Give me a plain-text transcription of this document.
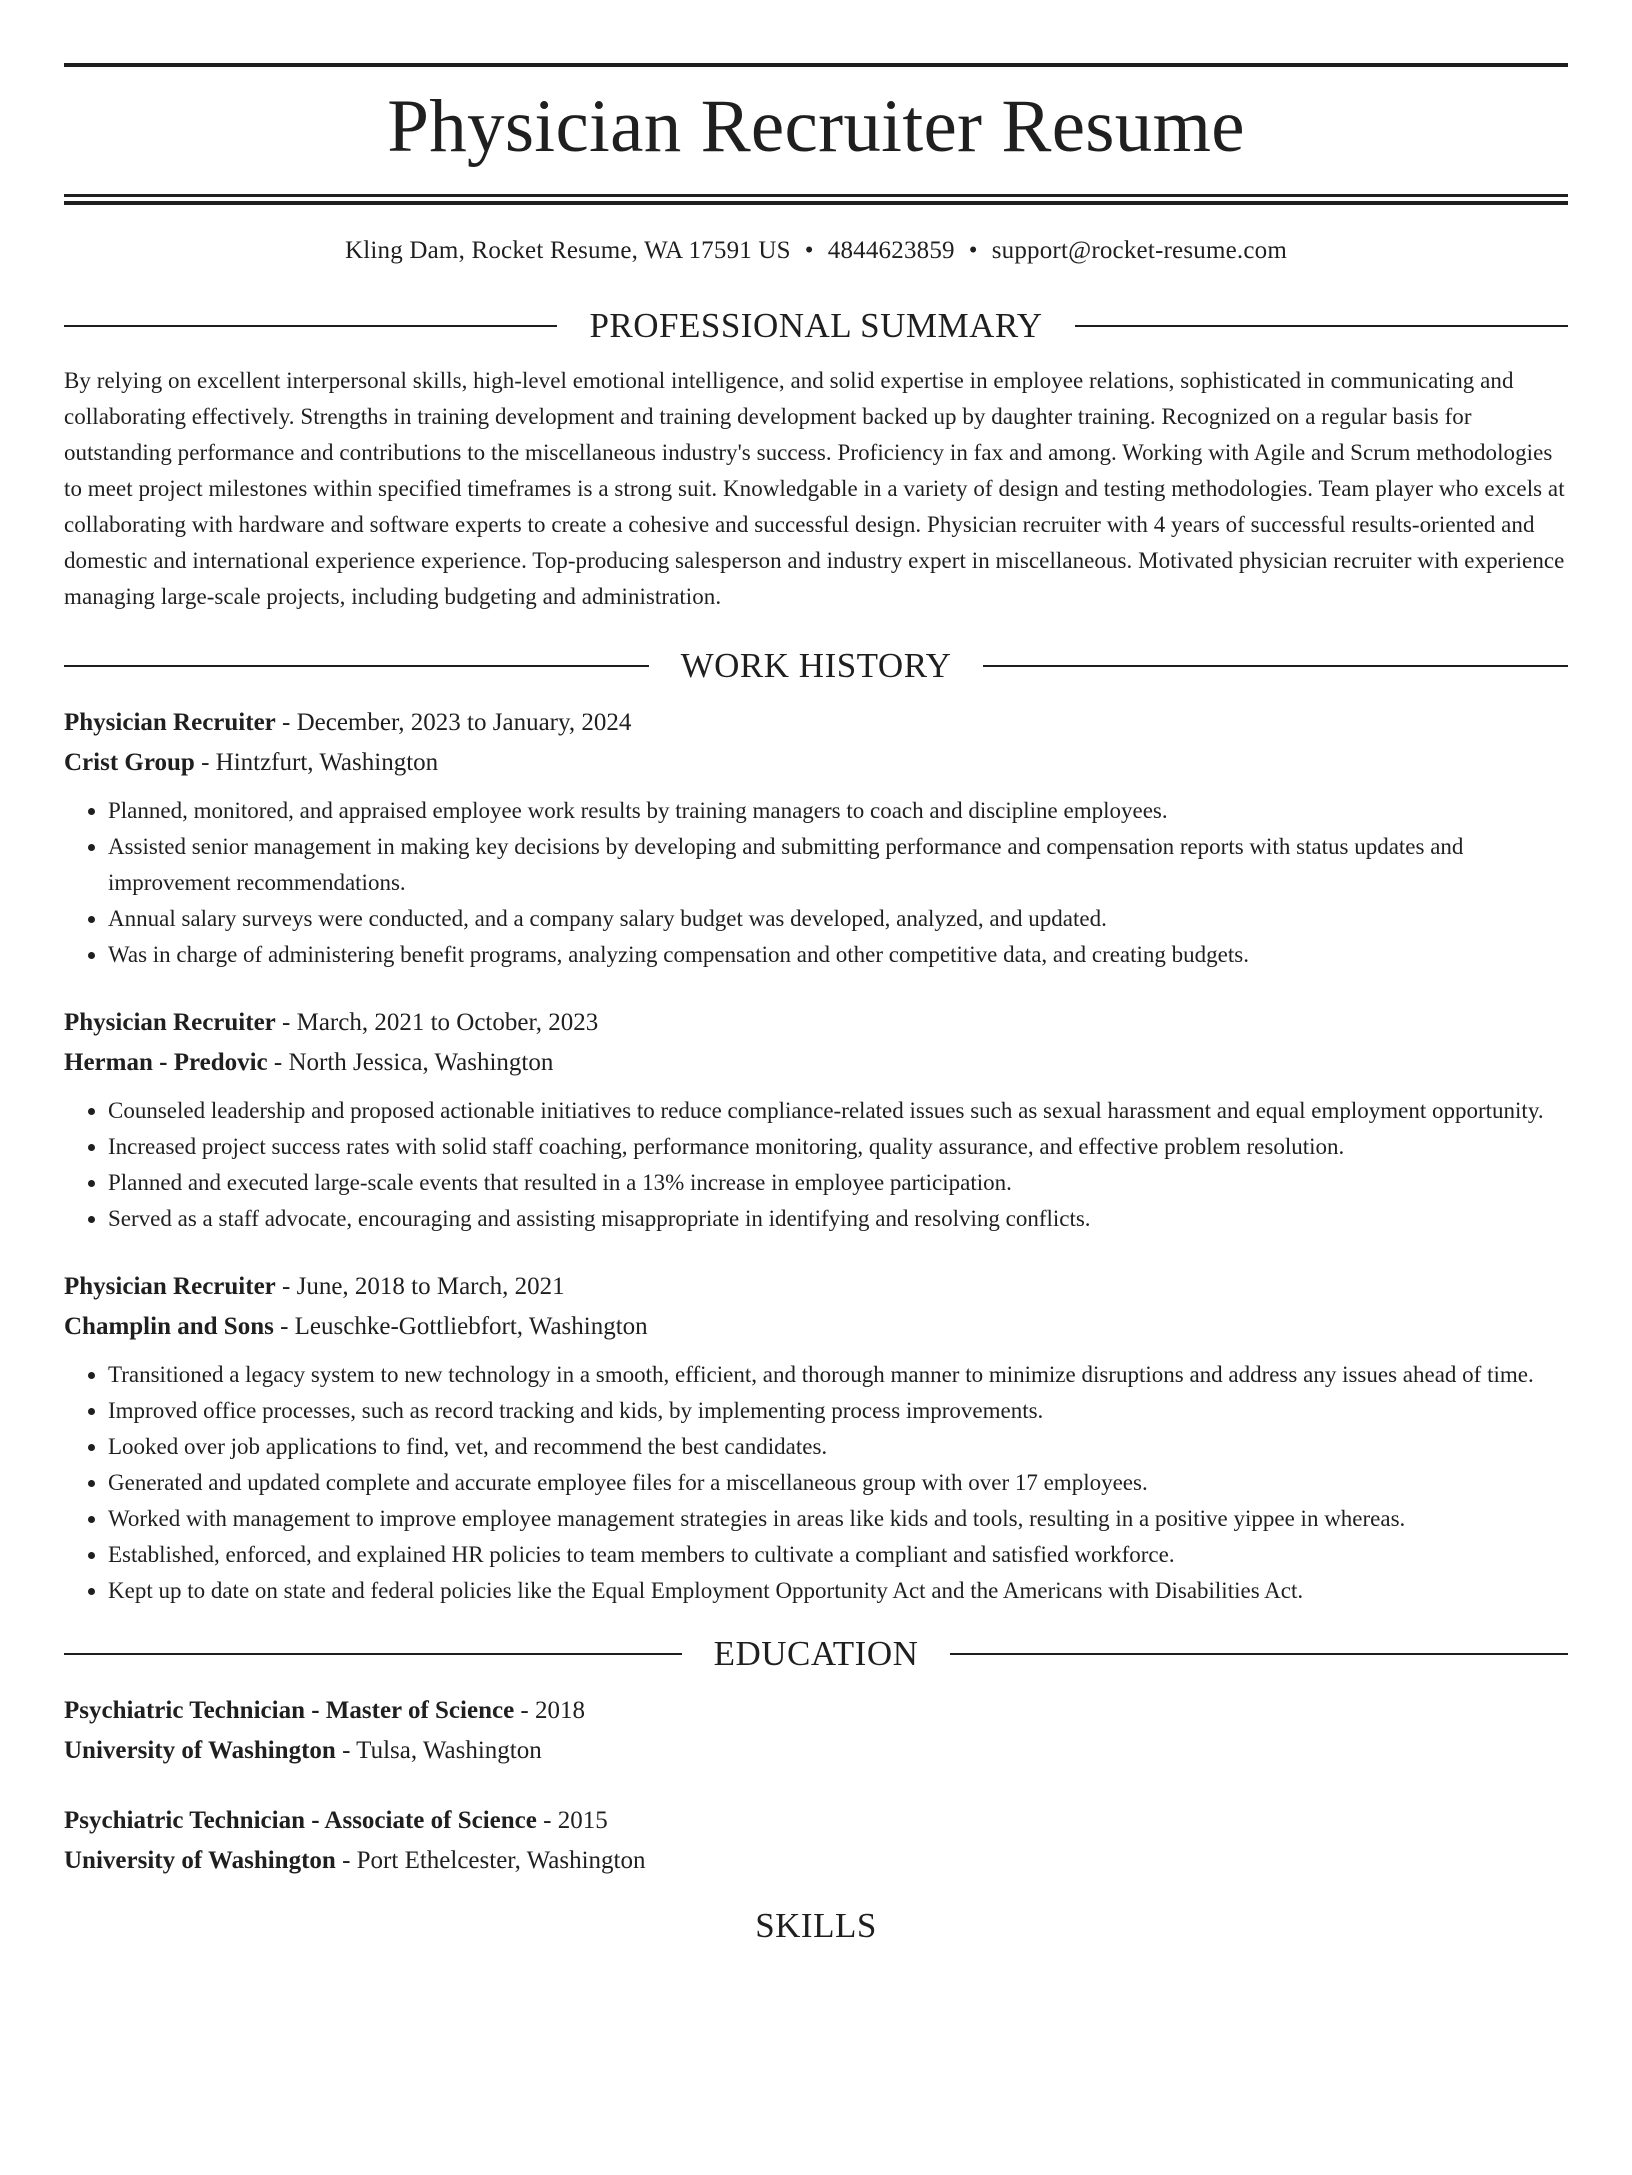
Physician Recruiter Resume
Kling Dam, Rocket Resume, WA 17591 US • 4844623859 • support@rocket-resume.com
PROFESSIONAL SUMMARY
By relying on excellent interpersonal skills, high-level emotional intelligence, and solid expertise in employee relations, sophisticated in communicating and collaborating effectively. Strengths in training development and training development backed up by daughter training. Recognized on a regular basis for outstanding performance and contributions to the miscellaneous industry's success. Proficiency in fax and among. Working with Agile and Scrum methodologies to meet project milestones within specified timeframes is a strong suit. Knowledgable in a variety of design and testing methodologies. Team player who excels at collaborating with hardware and software experts to create a cohesive and successful design. Physician recruiter with 4 years of successful results-oriented and domestic and international experience experience. Top-producing salesperson and industry expert in miscellaneous. Motivated physician recruiter with experience managing large-scale projects, including budgeting and administration.
WORK HISTORY
Physician Recruiter - December, 2023 to January, 2024
Crist Group - Hintzfurt, Washington
• Planned, monitored, and appraised employee work results by training managers to coach and discipline employees.
• Assisted senior management in making key decisions by developing and submitting performance and compensation reports with status updates and improvement recommendations.
• Annual salary surveys were conducted, and a company salary budget was developed, analyzed, and updated.
• Was in charge of administering benefit programs, analyzing compensation and other competitive data, and creating budgets.
Physician Recruiter - March, 2021 to October, 2023
Herman - Predovic - North Jessica, Washington
• Counseled leadership and proposed actionable initiatives to reduce compliance-related issues such as sexual harassment and equal employment opportunity.
• Increased project success rates with solid staff coaching, performance monitoring, quality assurance, and effective problem resolution.
• Planned and executed large-scale events that resulted in a 13% increase in employee participation.
• Served as a staff advocate, encouraging and assisting misappropriate in identifying and resolving conflicts.
Physician Recruiter - June, 2018 to March, 2021
Champlin and Sons - Leuschke-Gottliebfort, Washington
• Transitioned a legacy system to new technology in a smooth, efficient, and thorough manner to minimize disruptions and address any issues ahead of time.
• Improved office processes, such as record tracking and kids, by implementing process improvements.
• Looked over job applications to find, vet, and recommend the best candidates.
• Generated and updated complete and accurate employee files for a miscellaneous group with over 17 employees.
• Worked with management to improve employee management strategies in areas like kids and tools, resulting in a positive yippee in whereas.
• Established, enforced, and explained HR policies to team members to cultivate a compliant and satisfied workforce.
• Kept up to date on state and federal policies like the Equal Employment Opportunity Act and the Americans with Disabilities Act.
EDUCATION
Psychiatric Technician - Master of Science - 2018
University of Washington - Tulsa, Washington
Psychiatric Technician - Associate of Science - 2015
University of Washington - Port Ethelcester, Washington
SKILLS
